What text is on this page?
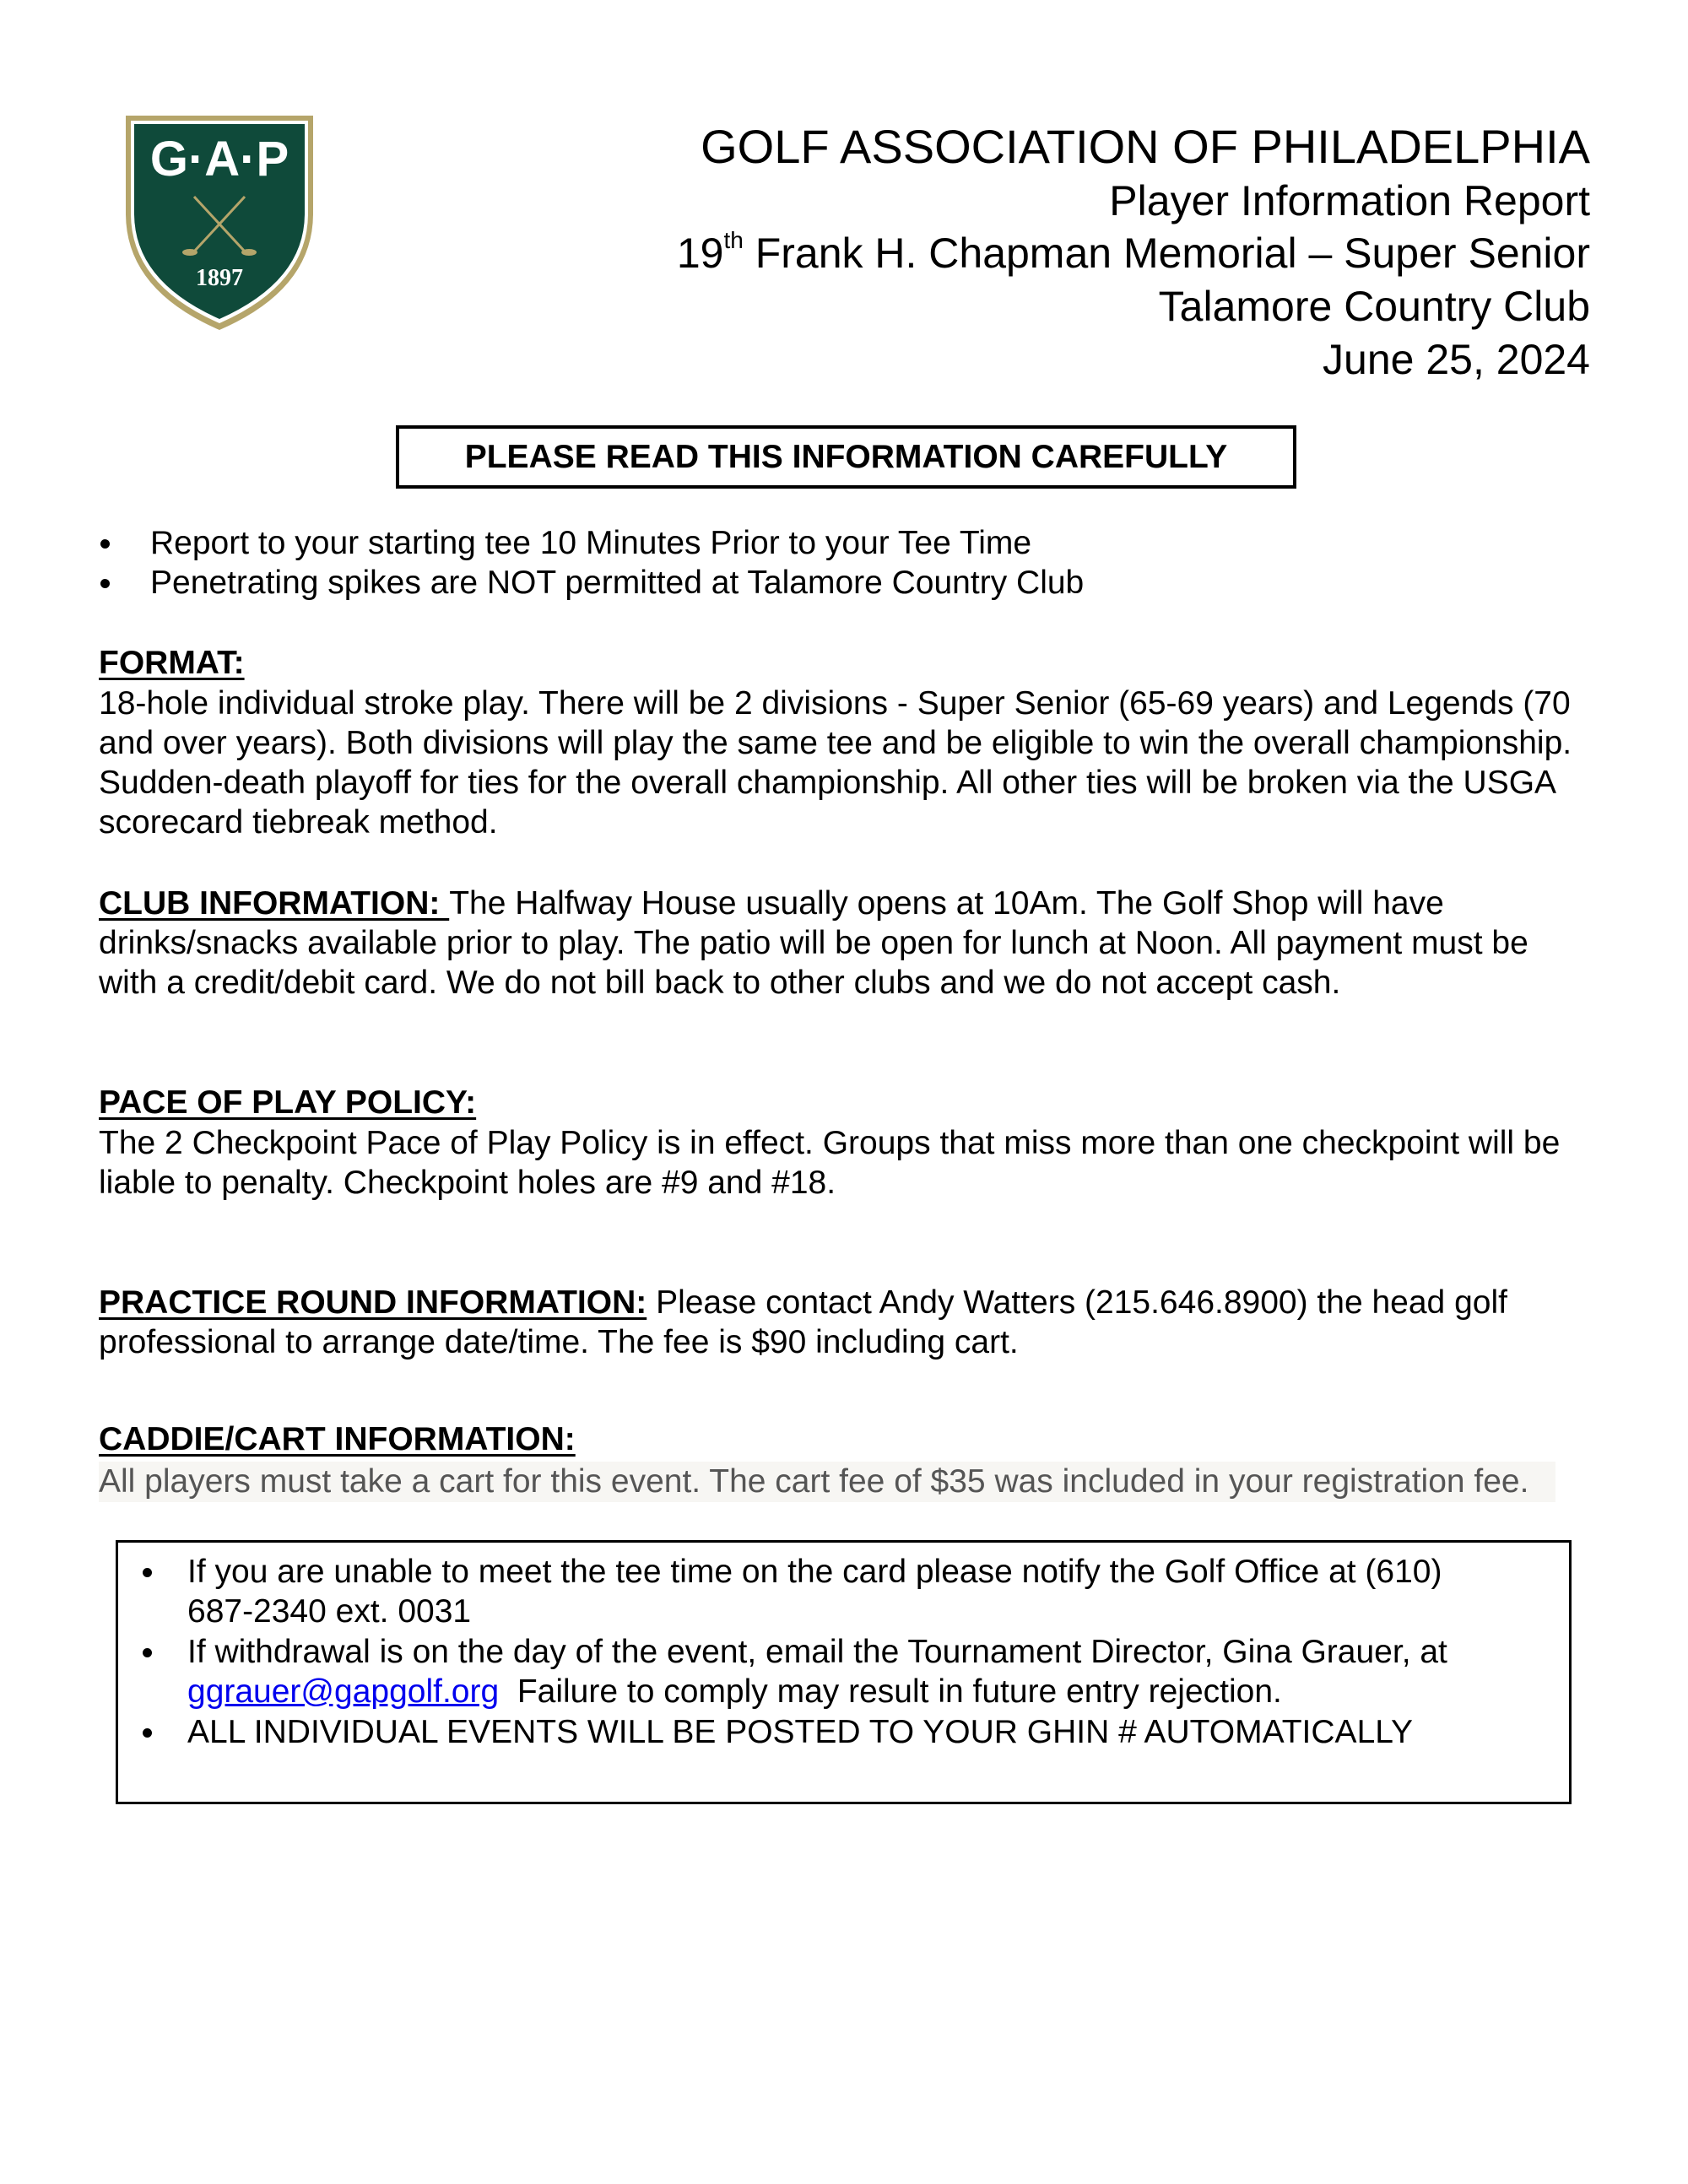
G·A·P
1897
GOLF ASSOCIATION OF PHILADELPHIA
Player Information Report
19th Frank H. Chapman Memorial – Super Senior
Talamore Country Club
June 25, 2024
PLEASE READ THIS INFORMATION CAREFULLY
Report to your starting tee 10 Minutes Prior to your Tee Time
Penetrating spikes are NOT permitted at Talamore Country Club
FORMAT:
18-hole individual stroke play. There will be 2 divisions - Super Senior (65-69 years) and Legends (70
and over years). Both divisions will play the same tee and be eligible to win the overall championship.
Sudden-death playoff for ties for the overall championship. All other ties will be broken via the USGA
scorecard tiebreak method.
CLUB INFORMATION: The Halfway House usually opens at 10Am. The Golf Shop will have
drinks/snacks available prior to play. The patio will be open for lunch at Noon. All payment must be
with a credit/debit card. We do not bill back to other clubs and we do not accept cash.
PACE OF PLAY POLICY:
The 2 Checkpoint Pace of Play Policy is in effect. Groups that miss more than one checkpoint will be
liable to penalty. Checkpoint holes are #9 and #18.
PRACTICE ROUND INFORMATION: Please contact Andy Watters (215.646.8900) the head golf
professional to arrange date/time. The fee is $90 including cart.
CADDIE/CART INFORMATION:
All players must take a cart for this event. The cart fee of $35 was included in your registration fee.
If you are unable to meet the tee time on the card please notify the Golf Office at (610)
687-2340 ext. 0031
If withdrawal is on the day of the event, email the Tournament Director, Gina Grauer, at
ggrauer@gapgolf.org  Failure to comply may result in future entry rejection.
ALL INDIVIDUAL EVENTS WILL BE POSTED TO YOUR GHIN # AUTOMATICALLY
